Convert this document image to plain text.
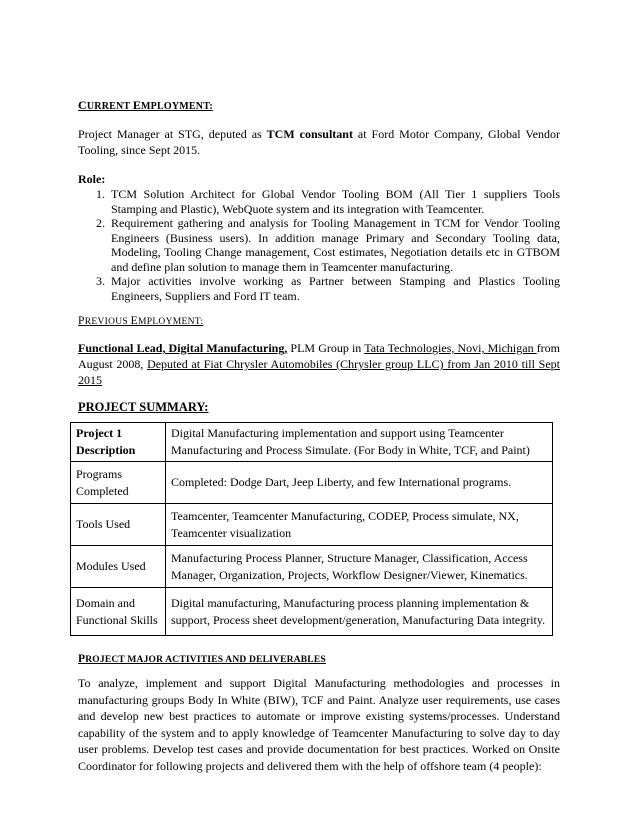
CURRENT EMPLOYMENT:

Project Manager at STG, deputed as TCM consultant at Ford Motor Company, Global Vendor Tooling, since Sept 2015.

Role:
1. TCM Solution Architect for Global Vendor Tooling BOM (All Tier 1 suppliers Tools Stamping and Plastic), WebQuote system and its integration with Teamcenter.
2. Requirement gathering and analysis for Tooling Management in TCM for Vendor Tooling Engineers (Business users). In addition manage Primary and Secondary Tooling data, Modeling, Tooling Change management, Cost estimates, Negotiation details etc in GTBOM and define plan solution to manage them in Teamcenter manufacturing.
3. Major activities involve working as Partner between Stamping and Plastics Tooling Engineers, Suppliers and Ford IT team.
PREVIOUS EMPLOYMENT:

Functional Lead, Digital Manufacturing, PLM Group in Tata Technologies, Novi, Michigan from August 2008, Deputed at Fiat Chrysler Automobiles (Chrysler group LLC) from Jan 2010 till Sept 2015

PROJECT SUMMARY:
Project 1 Description	Digital Manufacturing implementation and support using Teamcenter Manufacturing and Process Simulate. (For Body in White, TCF, and Paint)
Programs Completed	Completed: Dodge Dart, Jeep Liberty, and few International programs.
Tools Used	Teamcenter, Teamcenter Manufacturing, CODEP, Process simulate, NX, Teamcenter visualization
Modules Used	Manufacturing Process Planner, Structure Manager, Classification, Access Manager, Organization, Projects, Workflow Designer/Viewer, Kinematics.
Domain and Functional Skills	Digital manufacturing, Manufacturing process planning implementation & support, Process sheet development/generation, Manufacturing Data integrity.
PROJECT MAJOR ACTIVITIES AND DELIVERABLES

To analyze, implement and support Digital Manufacturing methodologies and processes in manufacturing groups Body In White (BIW), TCF and Paint. Analyze user requirements, use cases and develop new best practices to automate or improve existing systems/processes. Understand capability of the system and to apply knowledge of Teamcenter Manufacturing to solve day to day user problems. Develop test cases and provide documentation for best practices. Worked on Onsite Coordinator for following projects and delivered them with the help of offshore team (4 people):
